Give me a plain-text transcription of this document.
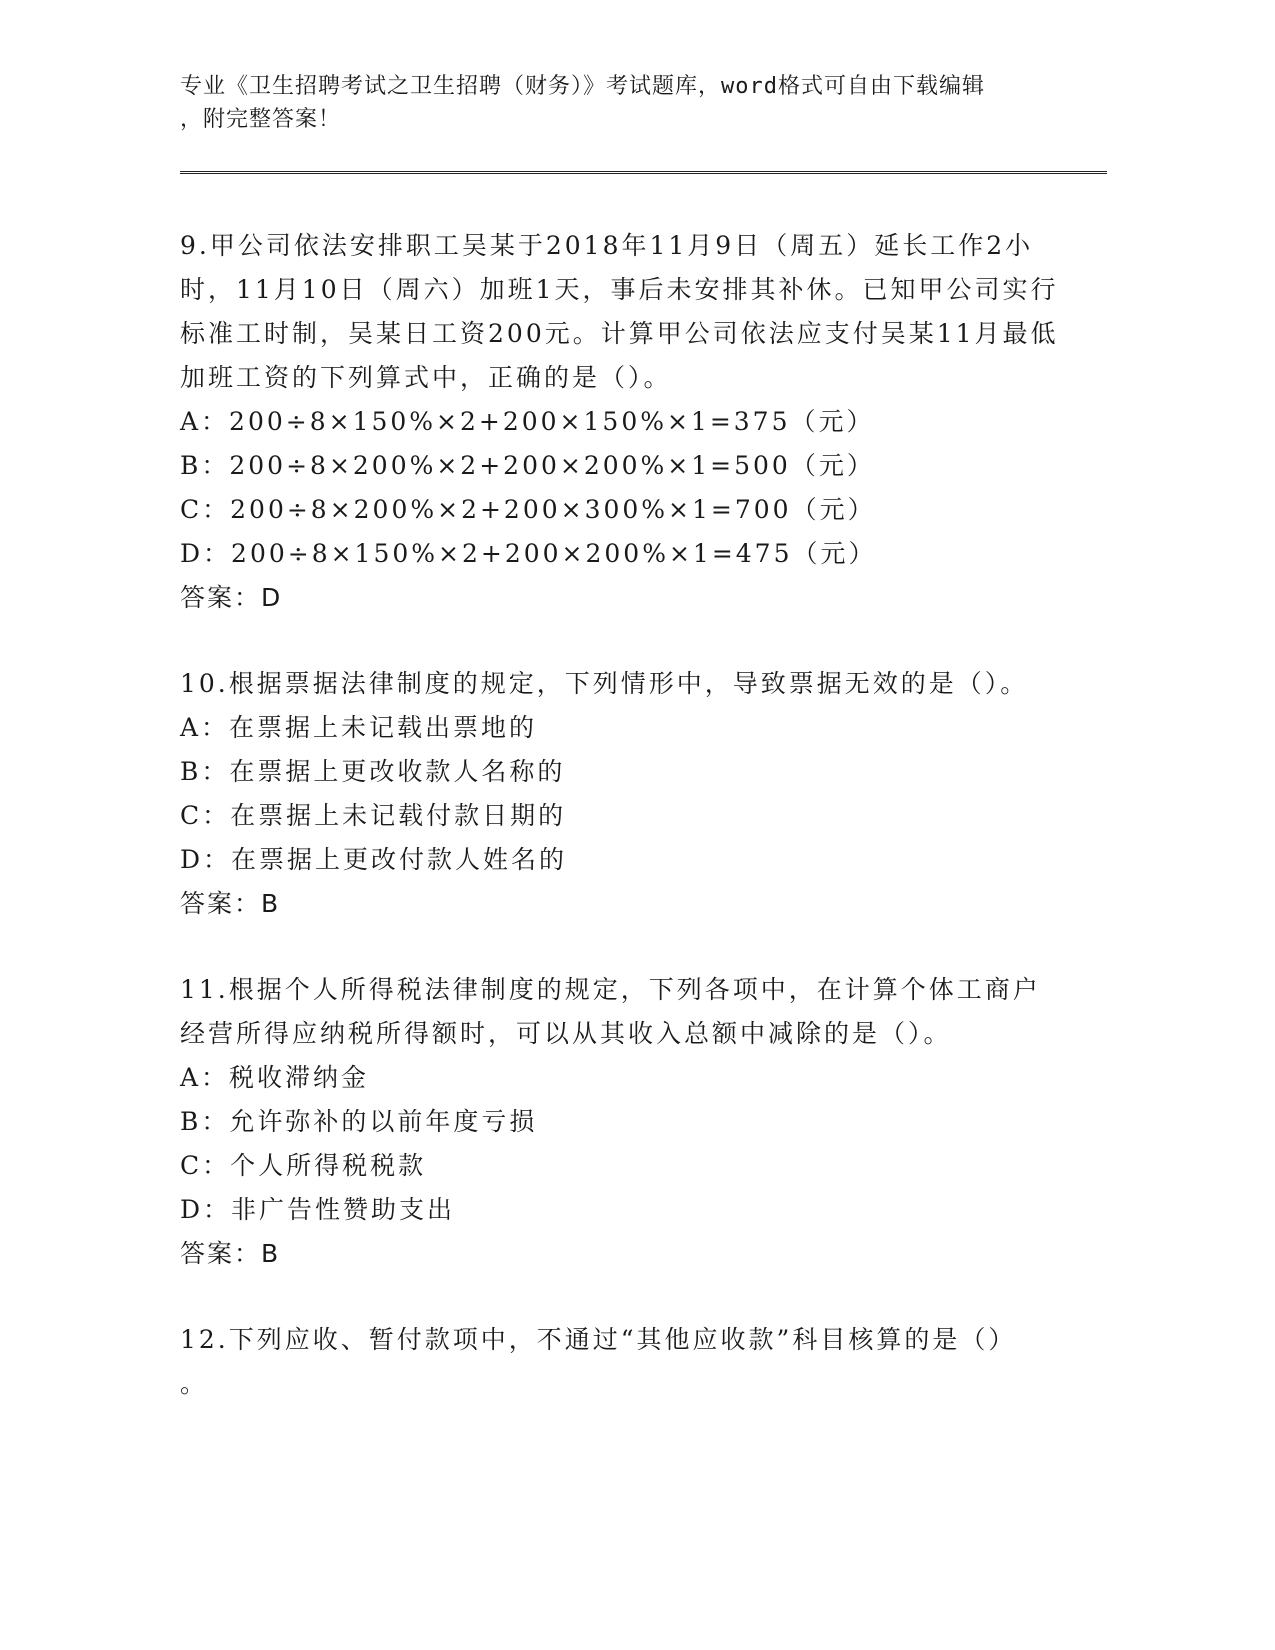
专业《卫生招聘考试之卫生招聘（财务）》考试题库，word格式可自由下载编辑
，附完整答案！

9.甲公司依法安排职工吴某于2018年11月9日（周五）延长工作2小时，11月10日（周六）加班1天，事后未安排其补休。已知甲公司实行标准工时制，吴某日工资200元。计算甲公司依法应支付吴某11月最低加班工资的下列算式中，正确的是（）。

A：200÷8×150%×2+200×150%×1=375（元）

B：200÷8×200%×2+200×200%×1=500（元）

C：200÷8×200%×2+200×300%×1=700（元）

D：200÷8×150%×2+200×200%×1=475（元）

答案：D

10.根据票据法律制度的规定，下列情形中，导致票据无效的是（）。

A：在票据上未记载出票地的

B：在票据上更改收款人名称的

C：在票据上未记载付款日期的

D：在票据上更改付款人姓名的

答案：B

11.根据个人所得税法律制度的规定，下列各项中，在计算个体工商户经营所得应纳税所得额时，可以从其收入总额中减除的是（）。

A：税收滞纳金

B：允许弥补的以前年度亏损

C：个人所得税税款

D：非广告性赞助支出

答案：B

12.下列应收、暂付款项中，不通过“其他应收款”科目核算的是（）

。
